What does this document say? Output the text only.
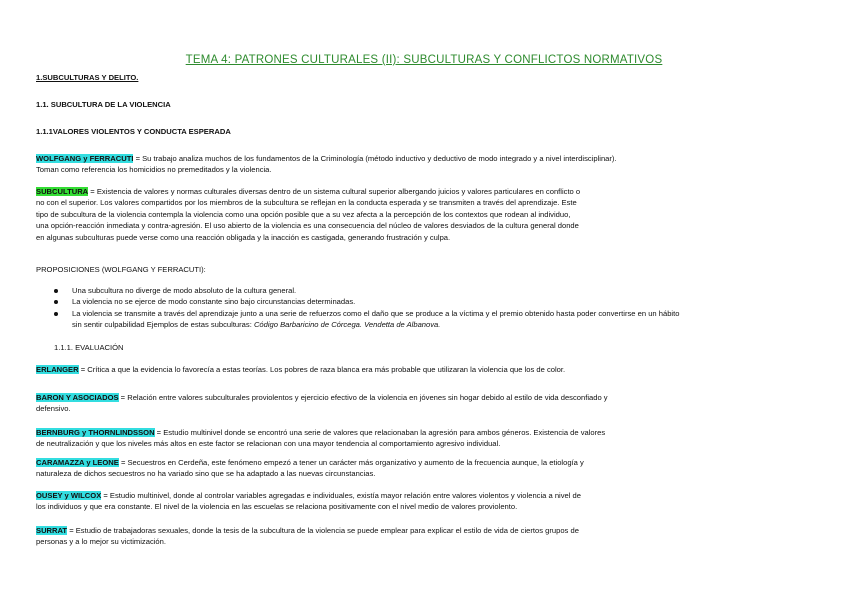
TEMA 4: PATRONES CULTURALES (II): SUBCULTURAS Y CONFLICTOS NORMATIVOS
1.SUBCULTURAS Y DELITO.
1.1. SUBCULTURA DE LA VIOLENCIA
1.1.1VALORES VIOLENTOS Y CONDUCTA ESPERADA
WOLFGANG y FERRACUTI = Su trabajo analiza muchos de los fundamentos de la Criminología (método inductivo y deductivo de modo integrado y a nivel interdisciplinar).
Toman como referencia los homicidios no premeditados y la violencia.
SUBCULTURA = Existencia de valores y normas culturales diversas dentro de un sistema cultural superior albergando juicios y valores particulares en conflicto o
no con el superior. Los valores compartidos por los miembros de la subcultura se reflejan en la conducta esperada y se transmiten a través del aprendizaje. Este
tipo de subcultura de la violencia contempla la violencia como una opción posible que a su vez afecta a la percepción de los contextos que rodean al individuo,
una opción-reacción inmediata y contra-agresión. El uso abierto de la violencia es una consecuencia del núcleo de valores desviados de la cultura general donde
en algunas subculturas puede verse como una reacción obligada y la inacción es castigada, generando frustración y culpa.
PROPOSICIONES (WOLFGANG Y FERRACUTI):
Una subcultura no diverge de modo absoluto de la cultura general.
La violencia no se ejerce de modo constante sino bajo circunstancias determinadas.
La violencia se transmite a través del aprendizaje junto a una serie de refuerzos como el daño que se produce a la víctima y el premio obtenido hasta poder convertirse en un hábito
sin sentir culpabilidad Ejemplos de estas subculturas: Código Barbaricino de Córcega. Vendetta de Albanova.
1.1.1. EVALUACIÓN
ERLANGER = Crítica a que la evidencia lo favorecía a estas teorías. Los pobres de raza blanca era más probable que utilizaran la violencia que los de color.
BARON Y ASOCIADOS = Relación entre valores subculturales proviolentos y ejercicio efectivo de la violencia en jóvenes sin hogar debido al estilo de vida desconfiado y
defensivo.
BERNBURG y THORNLINDSSON = Estudio multinivel donde se encontró una serie de valores que relacionaban la agresión para ambos géneros. Existencia de valores
de neutralización y que los niveles más altos en este factor se relacionan con una mayor tendencia al comportamiento agresivo individual.
CARAMAZZA y LEONE = Secuestros en Cerdeña, este fenómeno empezó a tener un carácter más organizativo y aumento de la frecuencia aunque, la etiología y
naturaleza de dichos secuestros no ha variado sino que se ha adaptado a las nuevas circunstancias.
OUSEY y WILCOX = Estudio multinivel, donde al controlar variables agregadas e individuales, existía mayor relación entre valores violentos y violencia a nivel de
los individuos y que era constante. El nivel de la violencia en las escuelas se relaciona positivamente con el nivel medio de valores proviolento.
SURRAT = Estudio de trabajadoras sexuales, donde la tesis de la subcultura de la violencia se puede emplear para explicar el estilo de vida de ciertos grupos de
personas y a lo mejor su victimización.
